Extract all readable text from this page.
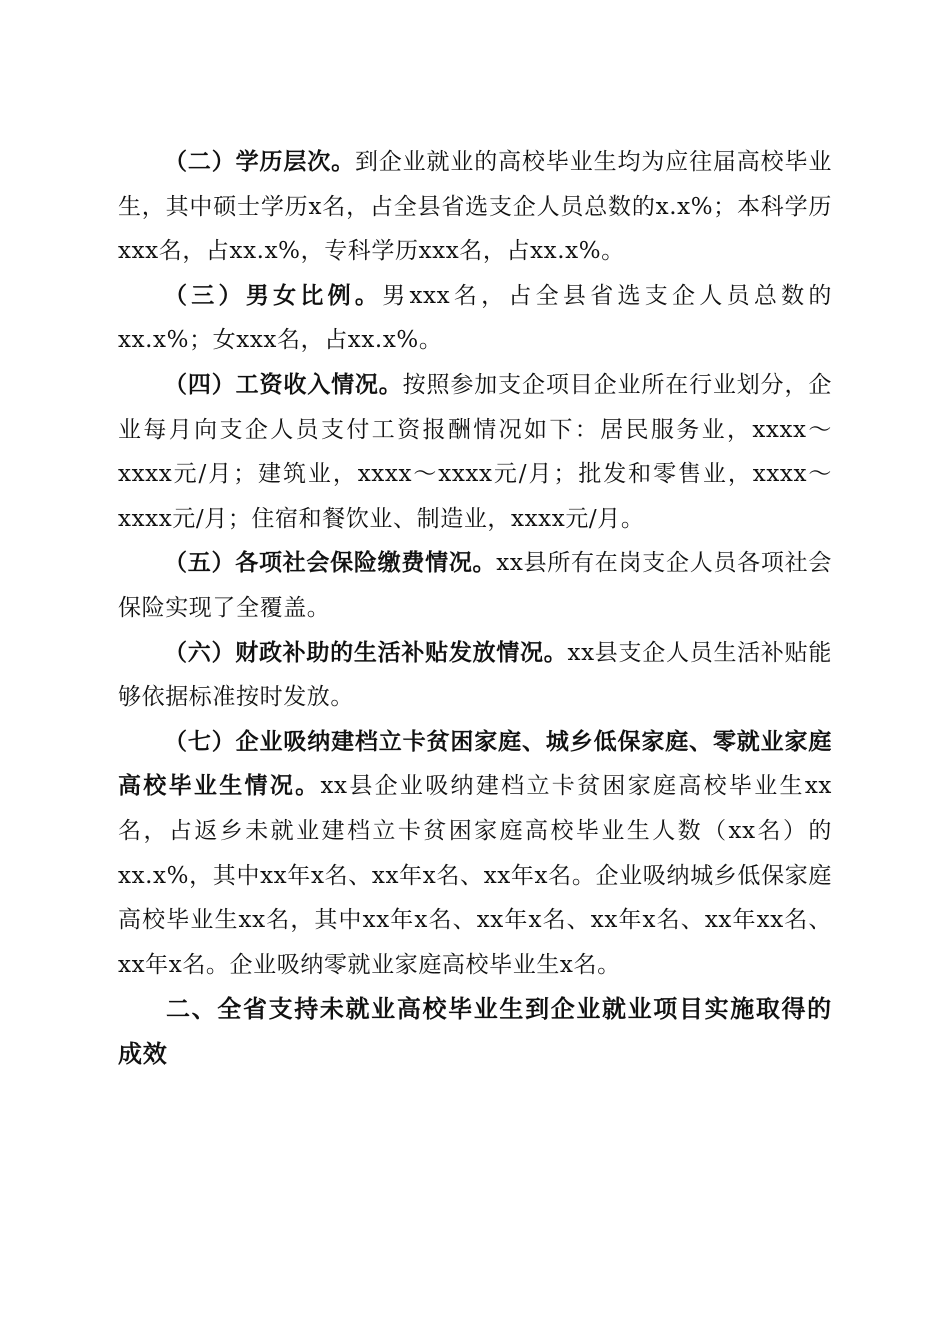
（二）学历层次。到企业就业的高校毕业生均为应往届高校毕业生，其中硕士学历x名，占全县省选支企人员总数的x.x%；本科学历xxx名，占xx.x%，专科学历xxx名，占xx.x%。

（三）男女比例。男xxx名，占全县省选支企人员总数的xx.x%；女xxx名，占xx.x%。

（四）工资收入情况。按照参加支企项目企业所在行业划分，企业每月向支企人员支付工资报酬情况如下：居民服务业，xxxx～xxxx元/月；建筑业，xxxx～xxxx元/月；批发和零售业，xxxx～xxxx元/月；住宿和餐饮业、制造业，xxxx元/月。

（五）各项社会保险缴费情况。xx县所有在岗支企人员各项社会保险实现了全覆盖。

（六）财政补助的生活补贴发放情况。xx县支企人员生活补贴能够依据标准按时发放。

（七）企业吸纳建档立卡贫困家庭、城乡低保家庭、零就业家庭高校毕业生情况。xx县企业吸纳建档立卡贫困家庭高校毕业生xx名，占返乡未就业建档立卡贫困家庭高校毕业生人数（xx名）的xx.x%，其中xx年x名、xx年x名、xx年x名。企业吸纳城乡低保家庭高校毕业生xx名，其中xx年x名、xx年x名、xx年x名、xx年xx名、xx年x名。企业吸纳零就业家庭高校毕业生x名。

二、全省支持未就业高校毕业生到企业就业项目实施取得的成效
